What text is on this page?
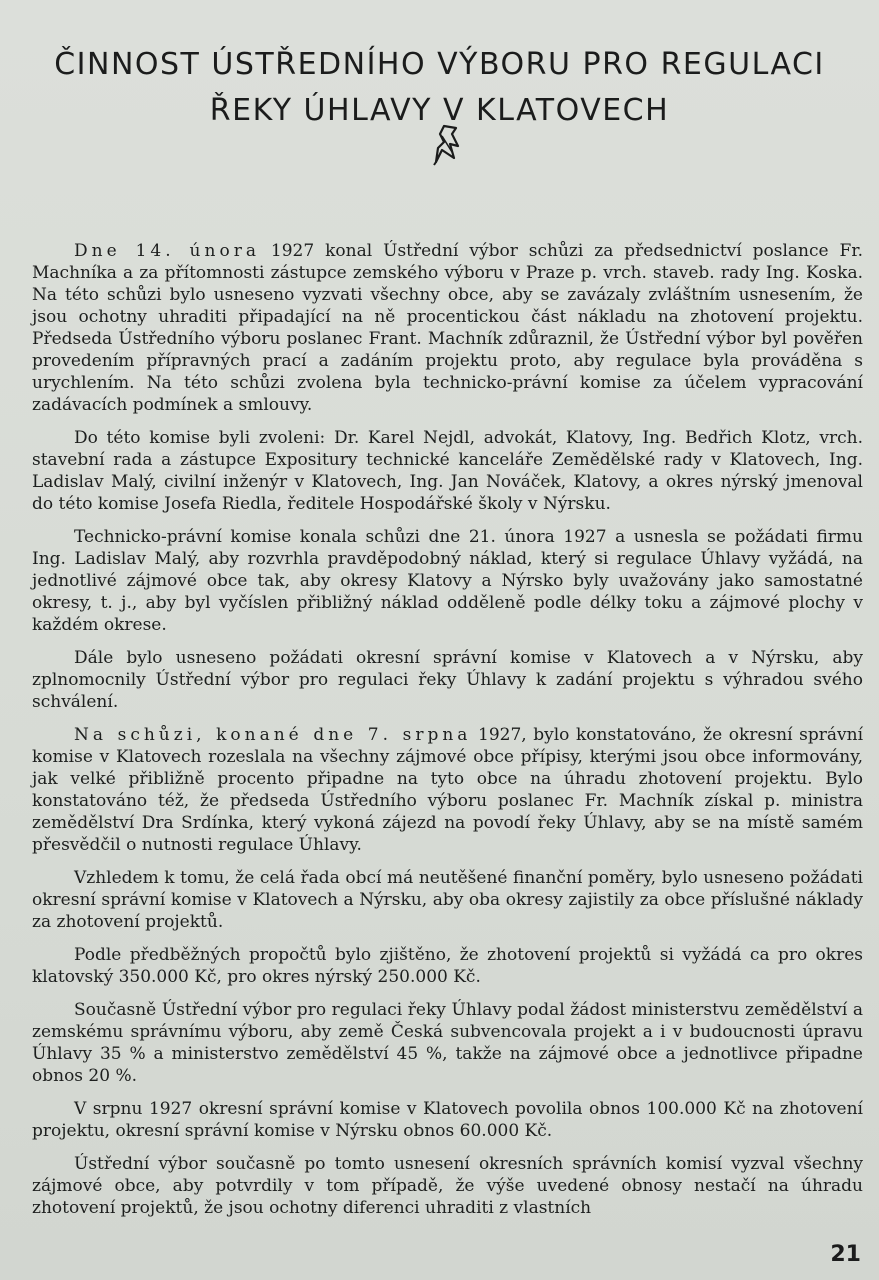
ČINNOST ÚSTŘEDNÍHO VÝBORU PRO REGULACI
ŘEKY ÚHLAVY V KLATOVECH

Dne 14. února 1927 konal Ústřední výbor schůzi za předsednictví poslance Fr. Machníka a za přítomnosti zástupce zemského výboru v Praze p. vrch. staveb. rady Ing. Koska. Na této schůzi bylo usneseno vyzvati všechny obce, aby se zavázaly zvláštním usnesením, že jsou ochotny uhraditi připadající na ně procentickou část nákladu na zhotovení projektu. Předseda Ústředního výboru poslanec Frant. Machník zdůraznil, že Ústřední výbor byl pověřen provedením přípravných prací a zadáním projektu proto, aby regulace byla prováděna s urychlením. Na této schůzi zvolena byla technicko-právní komise za účelem vypracování zadávacích podmínek a smlouvy.

Do této komise byli zvoleni: Dr. Karel Nejdl, advokát, Klatovy, Ing. Bedřich Klotz, vrch. stavební rada a zástupce Expositury technické kanceláře Zemědělské rady v Klatovech, Ing. Ladislav Malý, civilní inženýr v Klatovech, Ing. Jan Nováček, Klatovy, a okres nýrský jmenoval do této komise Josefa Riedla, ředitele Hospodářské školy v Nýrsku.

Technicko-právní komise konala schůzi dne 21. února 1927 a usnesla se požádati firmu Ing. Ladislav Malý, aby rozvrhla pravděpodobný náklad, který si regulace Úhlavy vyžádá, na jednotlivé zájmové obce tak, aby okresy Klatovy a Nýrsko byly uvažovány jako samostatné okresy, t. j., aby byl vyčíslen přibližný náklad odděleně podle délky toku a zájmové plochy v každém okrese.

Dále bylo usneseno požádati okresní správní komise v Klatovech a v Nýrsku, aby zplnomocnily Ústřední výbor pro regulaci řeky Úhlavy k zadání projektu s výhradou svého schválení.

Na schůzi, konané dne 7. srpna 1927, bylo konstatováno, že okresní správní komise v Klatovech rozeslala na všechny zájmové obce přípisy, kterými jsou obce informovány, jak velké přibližně procento připadne na tyto obce na úhradu zhotovení projektu. Bylo konstatováno též, že předseda Ústředního výboru poslanec Fr. Machník získal p. ministra zemědělství Dra Srdínka, který vykoná zájezd na povodí řeky Úhlavy, aby se na místě samém přesvědčil o nutnosti regulace Úhlavy.

Vzhledem k tomu, že celá řada obcí má neutěšené finanční poměry, bylo usneseno požádati okresní správní komise v Klatovech a Nýrsku, aby oba okresy zajistily za obce příslušné náklady za zhotovení projektů.

Podle předběžných propočtů bylo zjištěno, že zhotovení projektů si vyžádá ca pro okres klatovský 350.000 Kč, pro okres nýrský 250.000 Kč.

Současně Ústřední výbor pro regulaci řeky Úhlavy podal žádost ministerstvu zemědělství a zemskému správnímu výboru, aby země Česká subvencovala projekt a i v budoucnosti úpravu Úhlavy 35 % a ministerstvo zemědělství 45 %, takže na zájmové obce a jednotlivce připadne obnos 20 %.

V srpnu 1927 okresní správní komise v Klatovech povolila obnos 100.000 Kč na zhotovení projektu, okresní správní komise v Nýrsku obnos 60.000 Kč.

Ústřední výbor současně po tomto usnesení okresních správních komisí vyzval všechny zájmové obce, aby potvrdily v tom případě, že výše uvedené obnosy nestačí na úhradu zhotovení projektů, že jsou ochotny diferenci uhraditi z vlastních

21
